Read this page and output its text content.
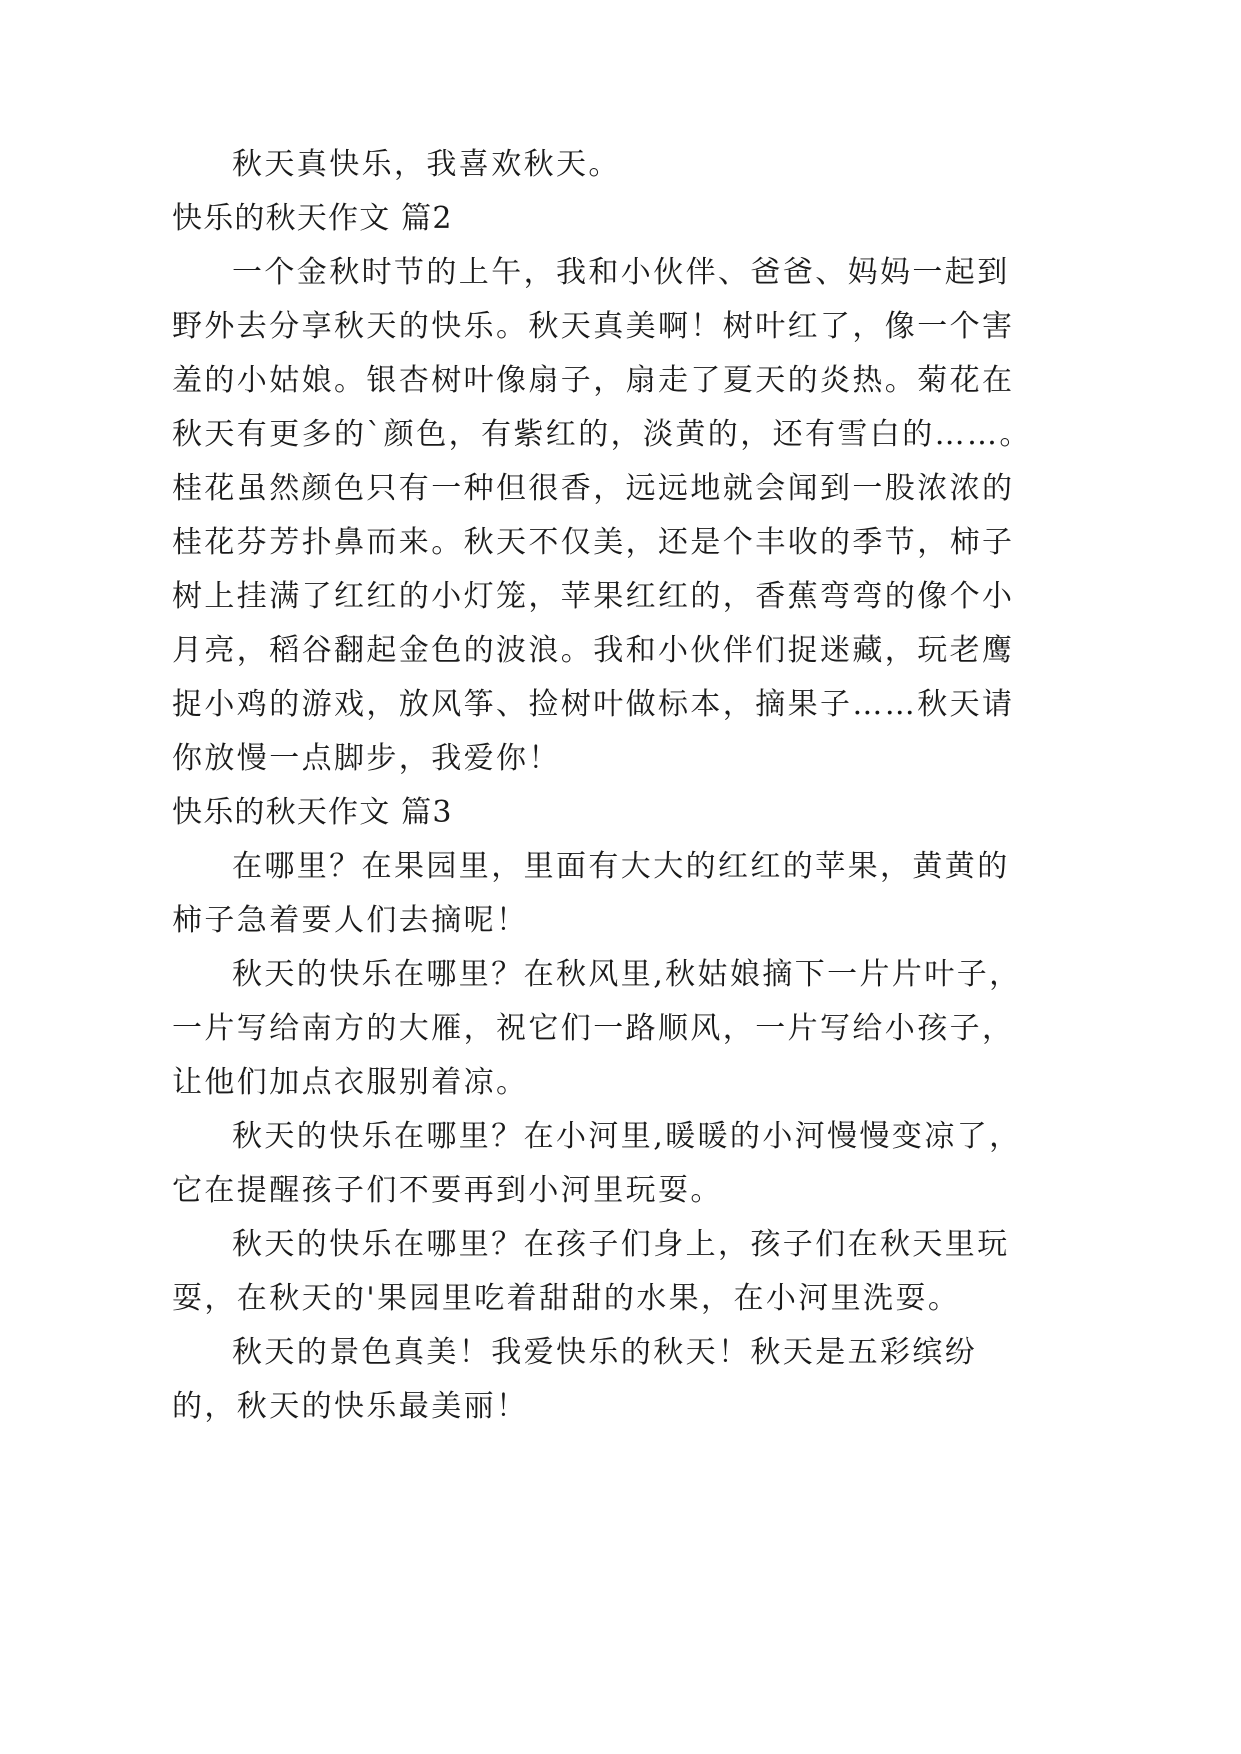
秋天真快乐，我喜欢秋天。
快乐的秋天作文 篇2
一个金秋时节的上午，我和小伙伴、爸爸、妈妈一起到
野外去分享秋天的快乐。秋天真美啊！树叶红了，像一个害
羞的小姑娘。银杏树叶像扇子，扇走了夏天的炎热。菊花在
秋天有更多的`颜色，有紫红的，淡黄的，还有雪白的……。
桂花虽然颜色只有一种但很香，远远地就会闻到一股浓浓的
桂花芬芳扑鼻而来。秋天不仅美，还是个丰收的季节，柿子
树上挂满了红红的小灯笼，苹果红红的，香蕉弯弯的像个小
月亮，稻谷翻起金色的波浪。我和小伙伴们捉迷藏，玩老鹰
捉小鸡的游戏，放风筝、捡树叶做标本，摘果子……秋天请
你放慢一点脚步，我爱你！
快乐的秋天作文 篇3
在哪里？在果园里，里面有大大的红红的苹果，黄黄的
柿子急着要人们去摘呢！
秋天的快乐在哪里？在秋风里,秋姑娘摘下一片片叶子，
一片写给南方的大雁，祝它们一路顺风，一片写给小孩子，
让他们加点衣服别着凉。
秋天的快乐在哪里？在小河里,暖暖的小河慢慢变凉了，
它在提醒孩子们不要再到小河里玩耍。
秋天的快乐在哪里？在孩子们身上，孩子们在秋天里玩
耍，在秋天的'果园里吃着甜甜的水果，在小河里洗耍。
秋天的景色真美！我爱快乐的秋天！秋天是五彩缤纷
的，秋天的快乐最美丽！
